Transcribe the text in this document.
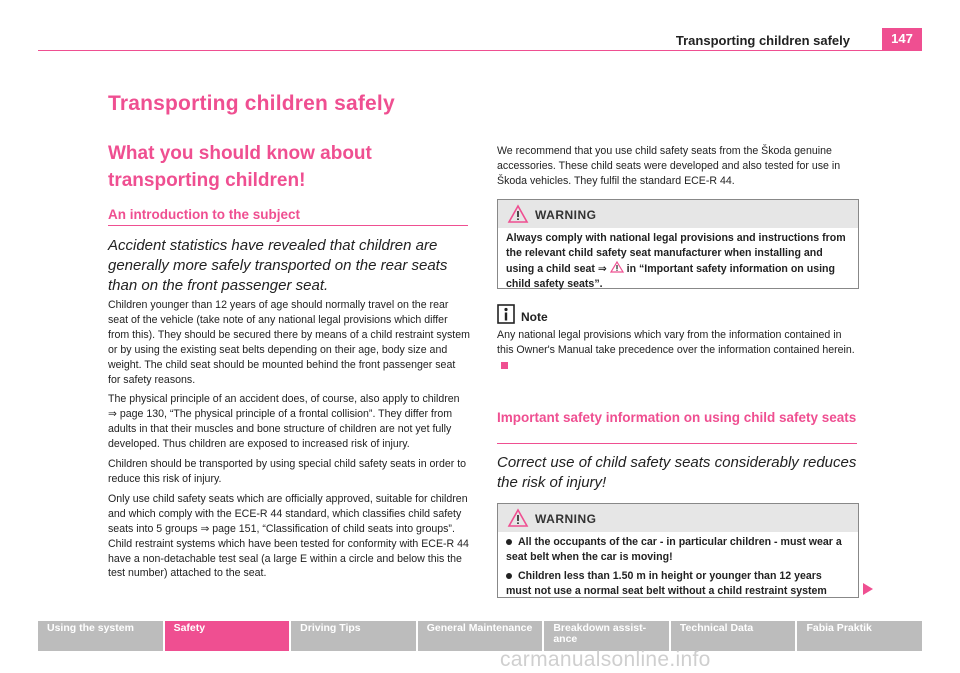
Transporting children safely	147
Transporting children safely
What you should know about transporting children!
An introduction to the subject
Accident statistics have revealed that children are generally more safely transported on the rear seats than on the front passenger seat.

Children younger than 12 years of age should normally travel on the rear seat of the vehicle (take note of any national legal provisions which differ from this). They should be secured there by means of a child restraint system or by using the existing seat belts depending on their age, body size and weight. The child seat should be mounted behind the front passenger seat for safety reasons.

The physical principle of an accident does, of course, also apply to children ⇒ page 130, “The physical principle of a frontal collision”. They differ from adults in that their muscles and bone structure of children are not yet fully developed. Thus children are exposed to increased risk of injury.

Children should be transported by using special child safety seats in order to reduce this risk of injury.

Only use child safety seats which are officially approved, suitable for children and which comply with the ECE-R 44 standard, which classifies child safety seats into 5 groups ⇒ page 151, “Classification of child seats into groups”. Child restraint systems which have been tested for conformity with ECE-R 44 have a non-detachable test seal (a large E within a circle and below this the test number) attached to the seat.

We recommend that you use child safety seats from the Škoda genuine accessories. These child seats were developed and also tested for use in Škoda vehicles. They fulfil the standard ECE-R 44.

WARNING
Always comply with national legal provisions and instructions from the relevant child safety seat manufacturer when installing and using a child seat ⇒ in “Important safety information on using child safety seats”.
Note

Any national legal provisions which vary from the information contained in this Owner's Manual take precedence over the information contained herein.

Important safety information on using child safety seats
Correct use of child safety seats considerably reduces the risk of injury!
WARNING

All the occupants of the car - in particular children - must wear a seat belt when the car is moving!

Children less than 1.50 m in height or younger than 12 years must not use a normal seat belt without a child restraint system

Using the system	Safety	Driving Tips	General Maintenance	Breakdown assist-ance
Technical Data	Fabia Praktik
carmanualsonline.info
